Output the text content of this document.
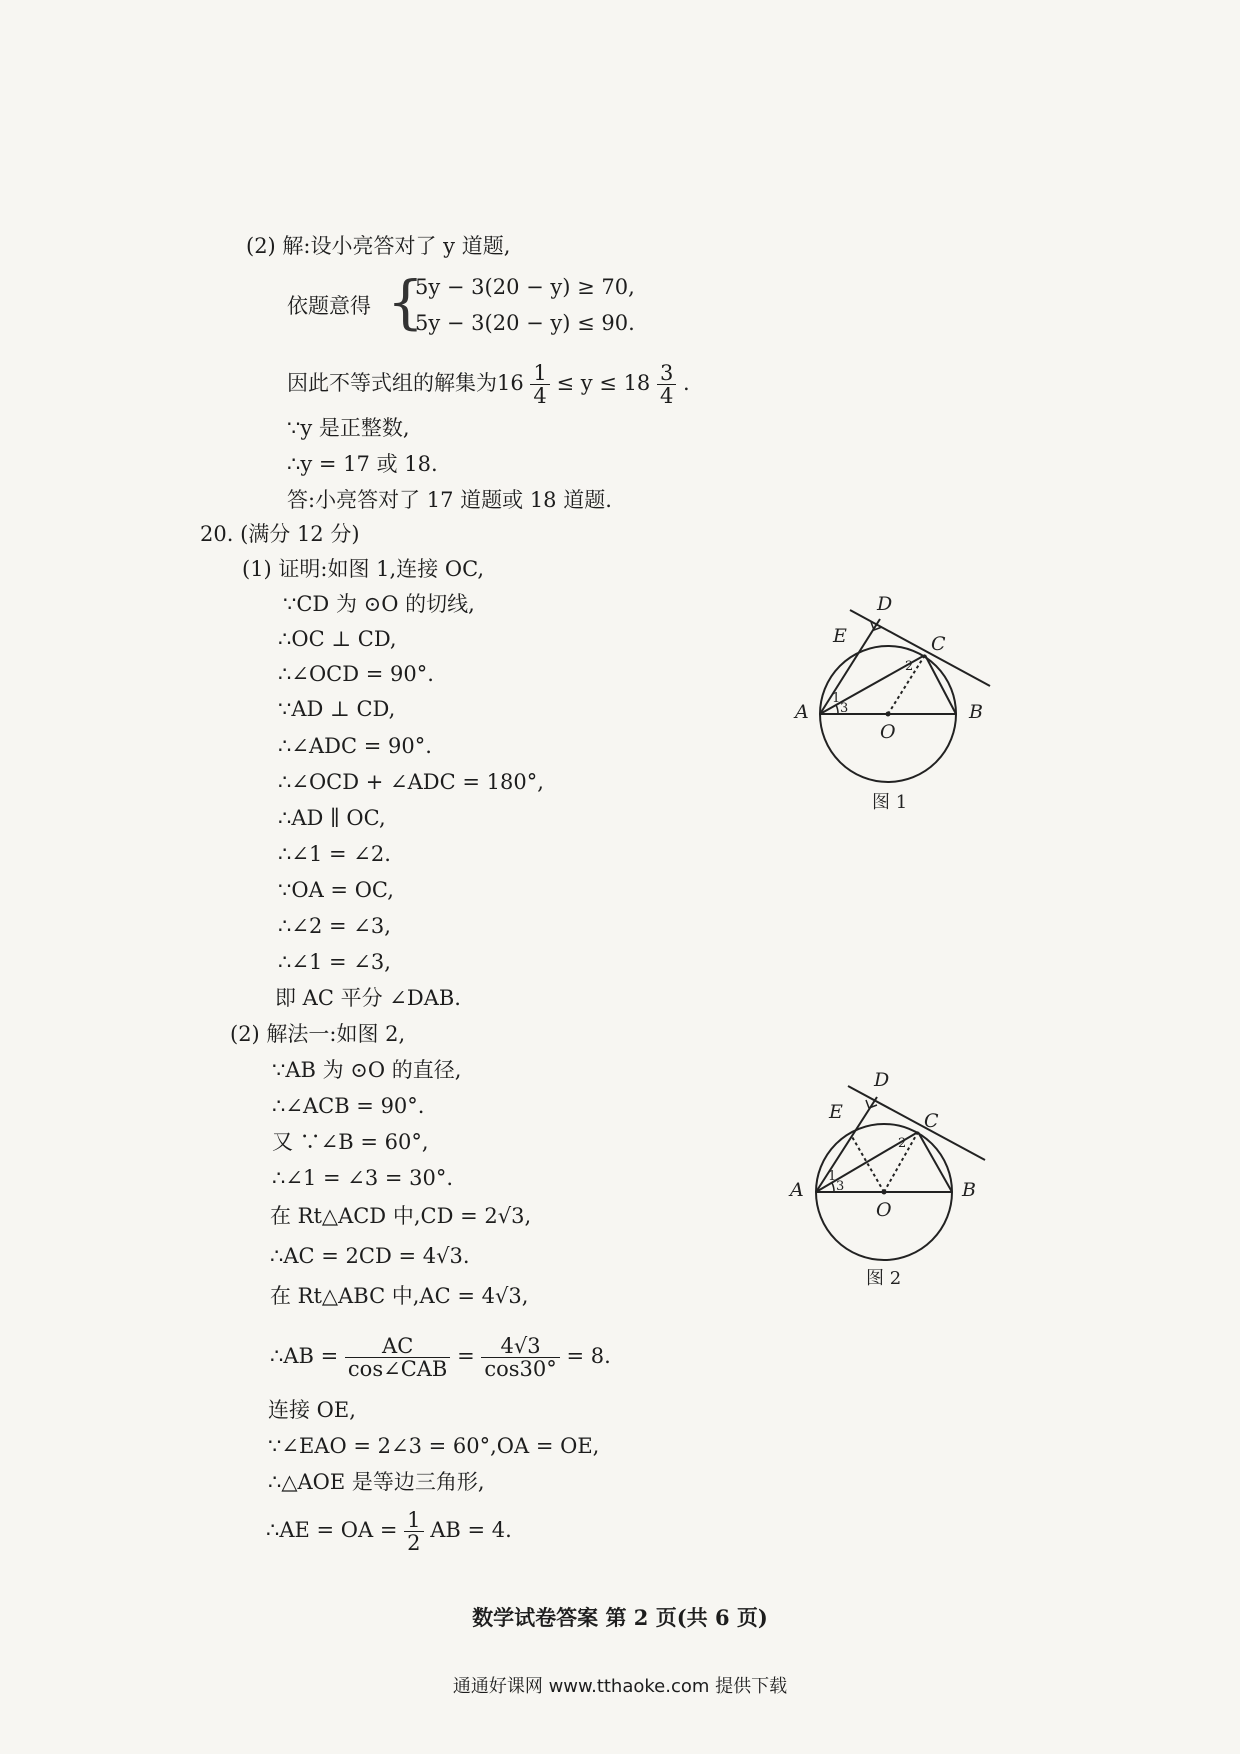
(2) 解:设小亮答对了 y 道题,
依题意得 {
5y − 3(20 − y) ≥ 70,
5y − 3(20 − y) ≤ 90.
因此不等式组的解集为$16 \frac{1}{4} \le y \le 18 \frac{3}{4}$ .
∵y 是正整数,
∴y = 17 或 18.
答:小亮答对了 17 道题或 18 道题.
20. (满分 12 分)
(1) 证明:如图 1,连接 OC,
∵CD 为 ⊙O 的切线,
∴OC ⊥ CD,
∴∠OCD = 90°.
∵AD ⊥ CD,
∴∠ADC = 90°.
∴∠OCD + ∠ADC = 180°,
∴AD ∥ OC,
∴∠1 = ∠2.
∵OA = OC,
∴∠2 = ∠3,
∴∠1 = ∠3,
即 AC 平分 ∠DAB.
(2) 解法一:如图 2,
∵AB 为 ⊙O 的直径,
∴∠ACB = 90°.
又 ∵∠B = 60°,
∴∠1 = ∠3 = 30°.
在 Rt△ACD 中,CD = 2√3,
∴AC = 2CD = 4√3.
在 Rt△ABC 中,AC = 4√3,
∴AB = $\frac{AC}{\text{cos∠CAB}} = \frac{4√3}{\cos 30^\circ} = 8$.
连接 OE,
∵∠EAO = 2∠3 = 60°,OA = OE,
∴△AOE 是等边三角形,
∴AE = OA = $\frac{1}{2}$ AB = 4.
A	B
C
D
E
O
1
2
3
图 1
A	B
C
D
E
O
1
2
3
图 2
数学试卷答案 第 2 页(共 6 页)
通通好课网 www.tthaoke.com 提供下载
